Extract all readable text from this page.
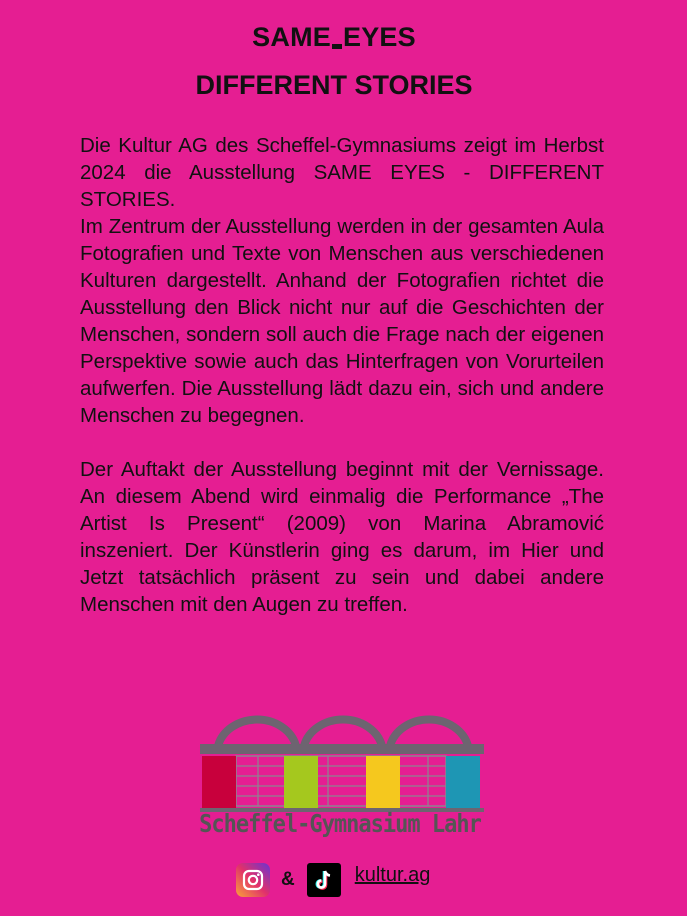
SAME EYES
DIFFERENT STORIES

Die Kultur AG des Scheffel-Gymnasiums zeigt im Herbst 2024 die Ausstellung SAME EYES - DIFFERENT STORIES.

Im Zentrum der Ausstellung werden in der gesamten Aula Fotografien und Texte von Menschen aus verschiedenen Kulturen dargestellt. Anhand der Fotografien richtet die Ausstellung den Blick nicht nur auf die Geschichten der Menschen, sondern soll auch die Frage nach der eigenen Perspektive sowie auch das Hinterfragen von Vorurteilen aufwerfen. Die Ausstellung lädt dazu ein, sich und andere Menschen zu begegnen.

Der Auftakt der Ausstellung beginnt mit der Vernissage. An diesem Abend wird einmalig die Performance „The Artist Is Present“ (2009) von Marina Abramović inszeniert. Der Künstlerin ging es darum, im Hier und Jetzt tatsächlich präsent zu sein und dabei andere Menschen mit den Augen zu treffen.

Scheffel-Gymnasium Lahr
&	kultur.ag
